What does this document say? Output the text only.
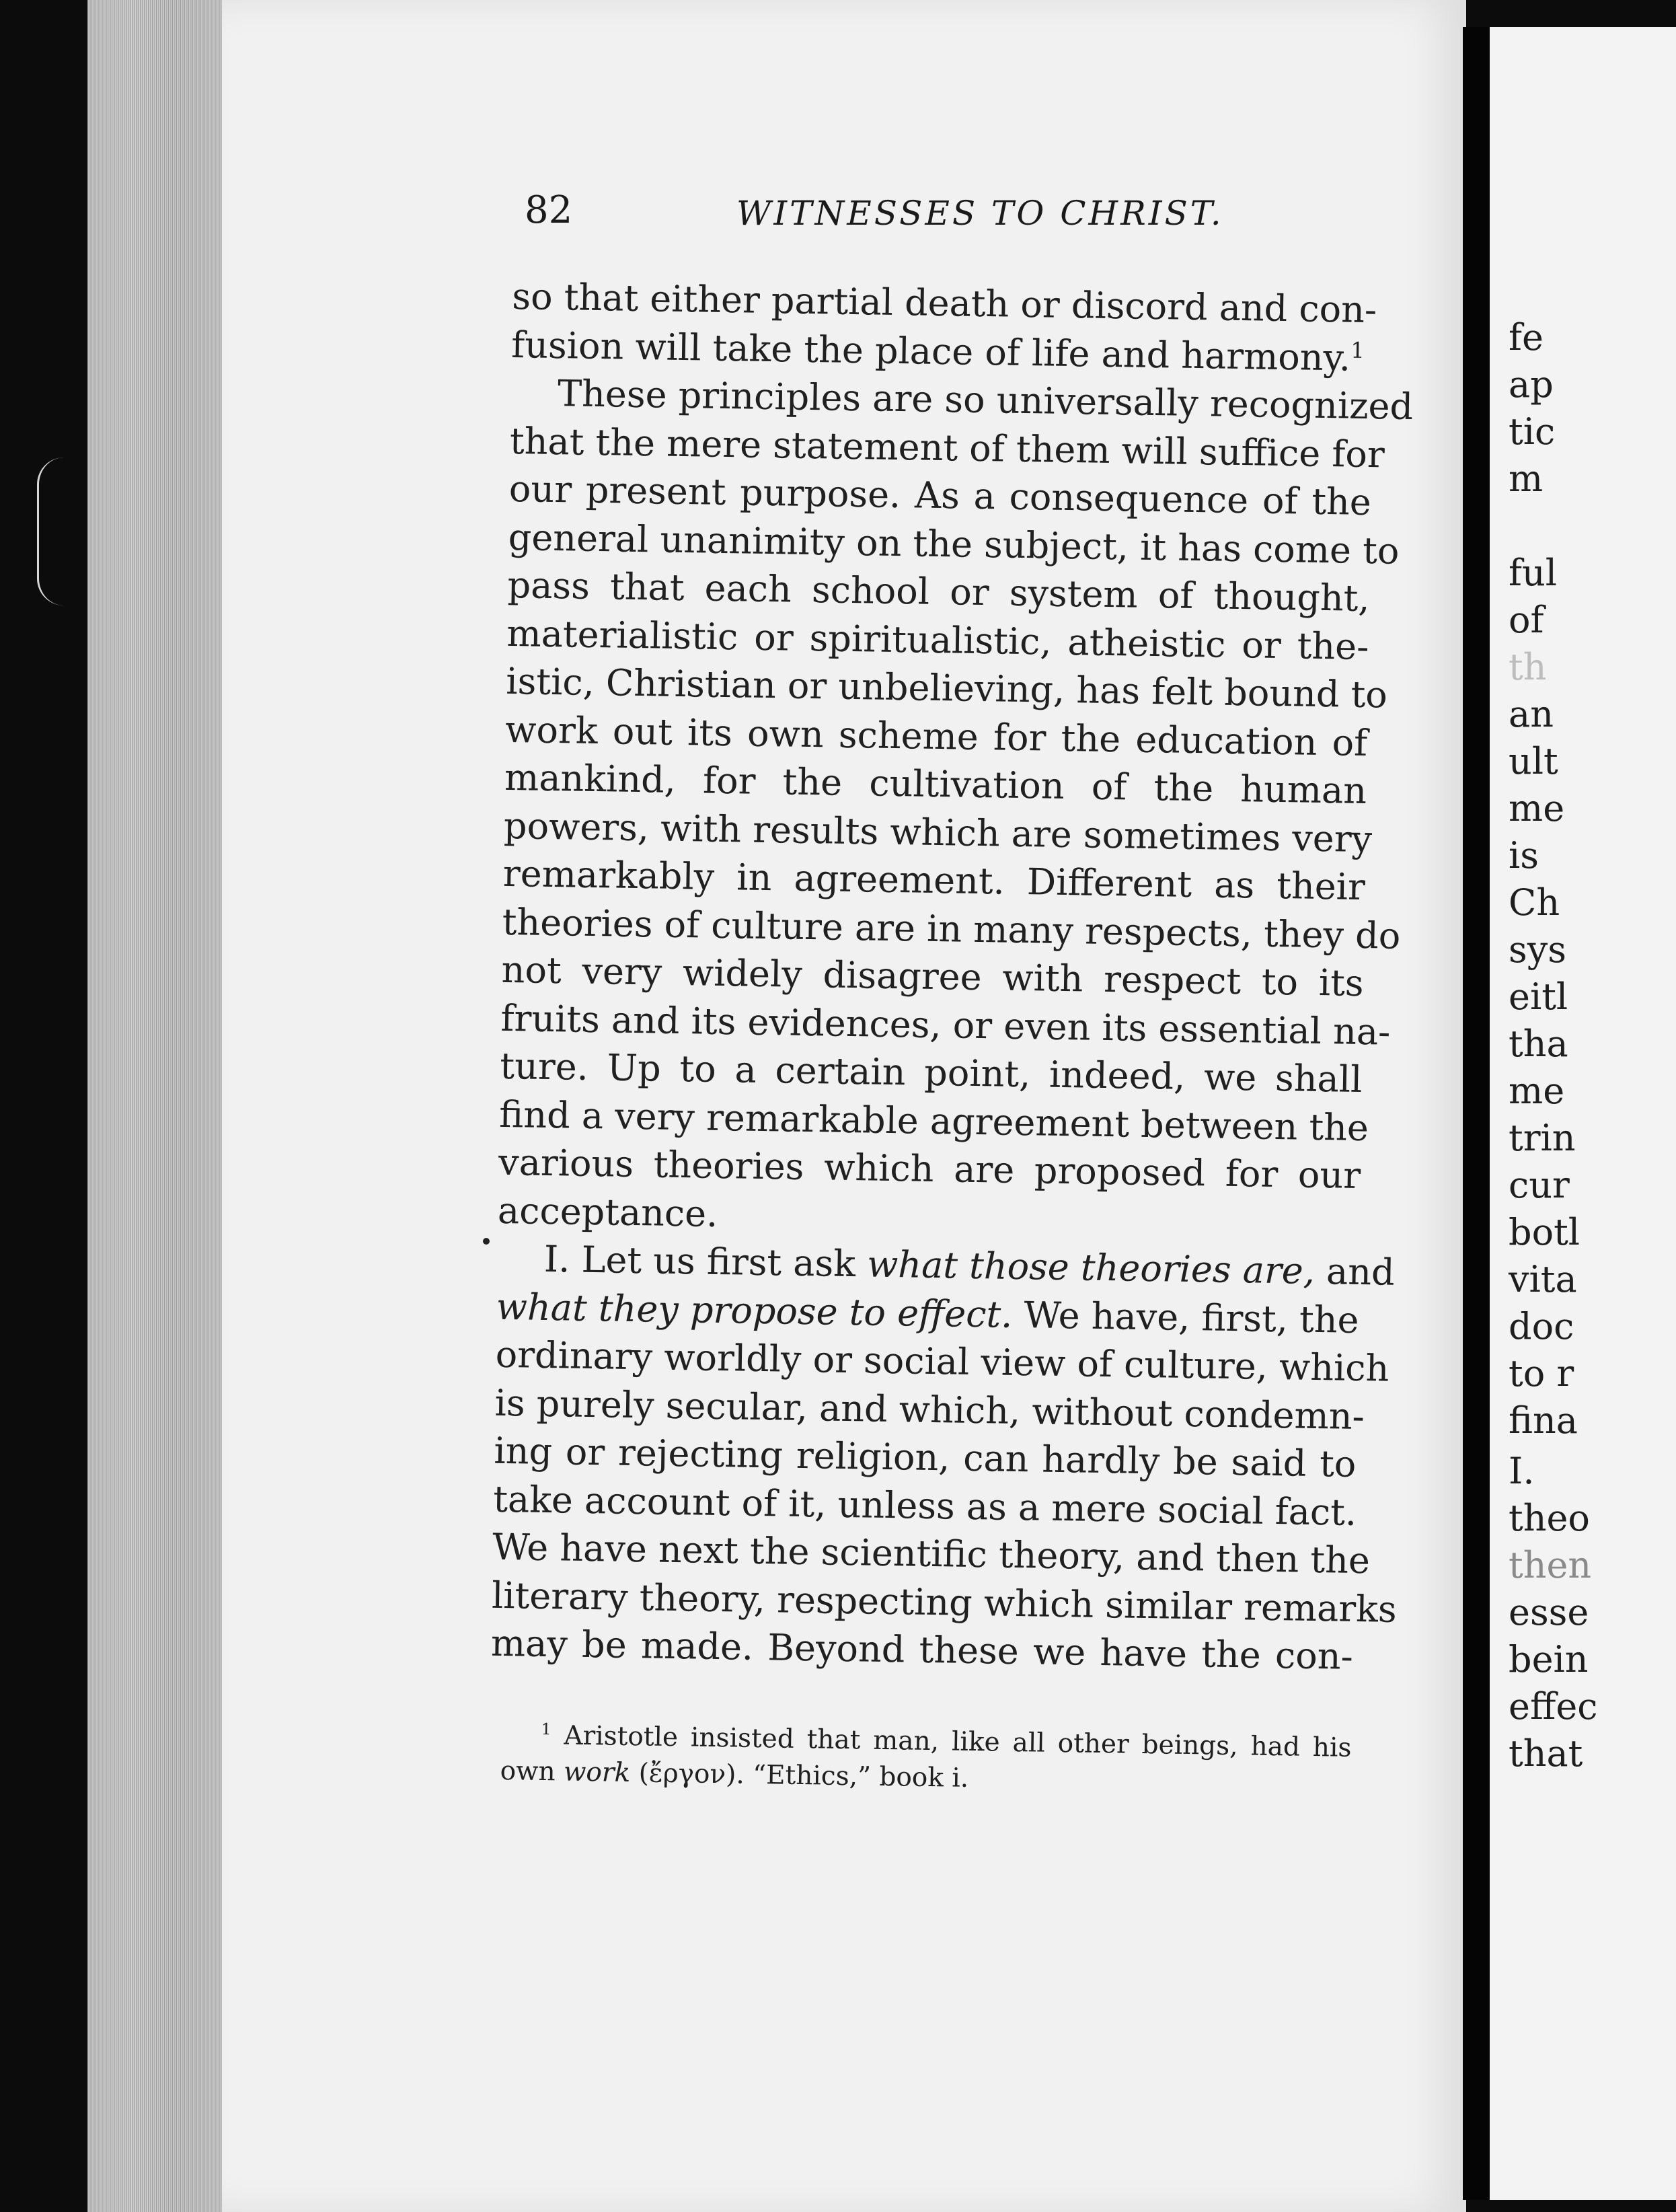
82	WITNESSES TO CHRIST.
so that either partial death or discord and con-
fusion will take the place of life and harmony.$^1$
These principles are so universally recognized
that the mere statement of them will suffice for
our present purpose. As a consequence of the
general unanimity on the subject, it has come to
pass that each school or system of thought,
materialistic or spiritualistic, atheistic or the-
istic, Christian or unbelieving, has felt bound to
work out its own scheme for the education of
mankind, for the cultivation of the human
powers, with results which are sometimes very
remarkably in agreement. Different as their
theories of culture are in many respects, they do
not very widely disagree with respect to its
fruits and its evidences, or even its essential na-
ture. Up to a certain point, indeed, we shall
find a very remarkable agreement between the
various theories which are proposed for our
acceptance.
I. Let us first ask what those theories are, and
what they propose to effect. We have, first, the
ordinary worldly or social view of culture, which
is purely secular, and which, without condemn-
ing or rejecting religion, can hardly be said to
take account of it, unless as a mere social fact.
We have next the scientific theory, and then the
literary theory, respecting which similar remarks
may be made. Beyond these we have the con-
$^1$ Aristotle insisted that man, like all other beings, had his
own work (ἔργον). “Ethics,” book i.
fe
ap
tic
m
ful
of
th
an
ult
me
is
Ch
sys
eitl
tha
me
trin
cur
botl
vita
doc
to r
fina
I.
theo
then
esse
bein
effec
that
